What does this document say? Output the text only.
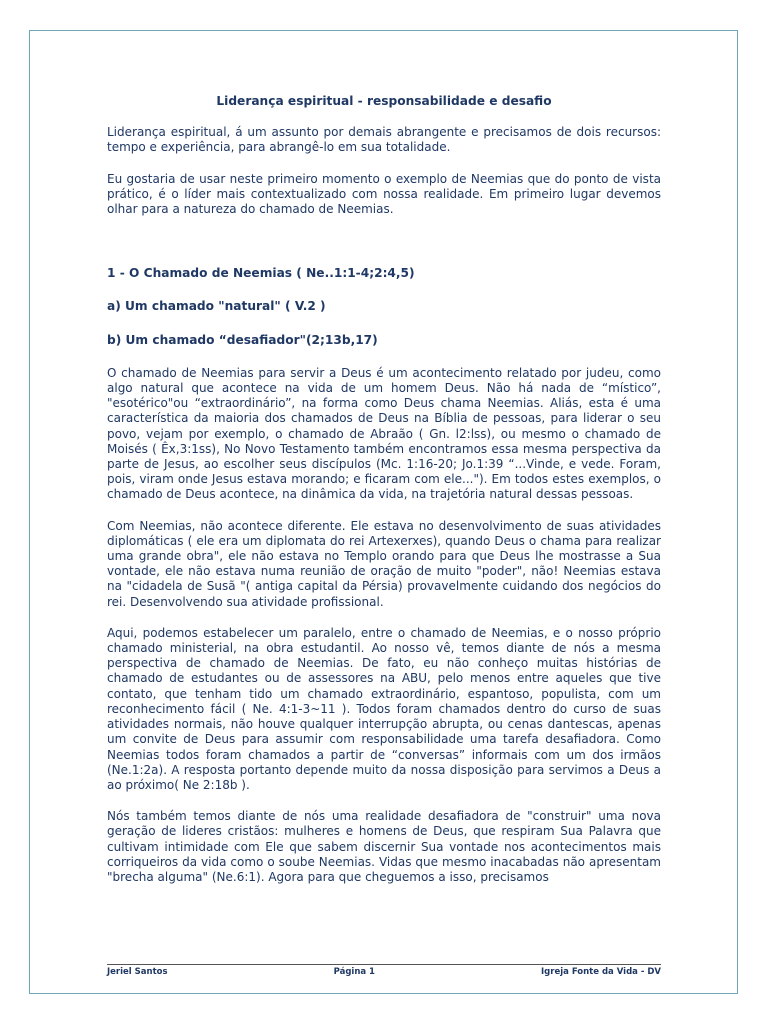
Liderança espiritual - responsabilidade e desafio

Liderança espiritual, á um assunto por demais abrangente e precisamos de dois recursos: tempo e experiência, para abrangê-lo em sua totalidade.

Eu gostaria de usar neste primeiro momento o exemplo de Neemias que do ponto de vista prático, é o líder mais contextualizado com nossa realidade. Em primeiro lugar devemos olhar para a natureza do chamado de Neemias.

1 - O Chamado de Neemias ( Ne..1:1-4;2:4,5)
a) Um chamado "natural" ( V.2 )
b) Um chamado “desafiador"(2;13b,17)

O chamado de Neemias para servir a Deus é um acontecimento relatado por judeu, como algo natural que acontece na vida de um homem Deus. Não há nada de “místico”, "esotérico"ou “extraordinário”, na forma como Deus chama Neemias. Aliás, esta é uma característica da maioria dos chamados de Deus na Bíblia de pessoas, para liderar o seu povo, vejam por exemplo, o chamado de Abraão ( Gn. l2:lss), ou mesmo o chamado de Moisés ( Êx,3:1ss), No Novo Testamento também encontramos essa mesma perspectiva da parte de Jesus, ao escolher seus discípulos (Mc. 1:16-20; Jo.1:39 “...Vinde, e vede. Foram, pois, viram onde Jesus estava morando; e ficaram com ele..."). Em todos estes exemplos, o chamado de Deus acontece, na dinâmica da vida, na trajetória natural dessas pessoas.

Com Neemias, não acontece diferente. Ele estava no desenvolvimento de suas atividades diplomáticas ( ele era um diplomata do rei Artexerxes), quando Deus o chama para realizar uma grande obra", ele não estava no Templo orando para que Deus lhe mostrasse a Sua vontade, ele não estava numa reunião de oração de muito "poder", não! Neemias estava na "cidadela de Susã "( antiga capital da Pérsia) provavelmente cuidando dos negócios do rei. Desenvolvendo sua atividade profissional.

Aqui, podemos estabelecer um paralelo, entre o chamado de Neemias, e o nosso próprio chamado ministerial, na obra estudantil. Ao nosso vê, temos diante de nós a mesma perspectiva de chamado de Neemias. De fato, eu não conheço muitas histórias de chamado de estudantes ou de assessores na ABU, pelo menos entre aqueles que tive contato, que tenham tido um chamado extraordinário, espantoso, populista, com um reconhecimento fácil ( Ne. 4:1-3~11 ). Todos foram chamados dentro do curso de suas atividades normais, não houve qualquer interrupção abrupta, ou cenas dantescas, apenas um convite de Deus para assumir com responsabilidade uma tarefa desafiadora. Como Neemias todos foram chamados a partir de “conversas” informais com um dos irmãos (Ne.1:2a). A resposta portanto depende muito da nossa disposição para servimos a Deus a ao próximo( Ne 2:18b ).

Nós também temos diante de nós uma realidade desafiadora de "construir" uma nova geração de lideres cristãos: mulheres e homens de Deus, que respiram Sua Palavra que cultivam intimidade com Ele que sabem discernir Sua vontade nos acontecimentos mais corriqueiros da vida como o soube Neemias. Vidas que mesmo inacabadas não apresentam "brecha alguma" (Ne.6:1). Agora para que cheguemos a isso, precisamos

Jeriel Santos	Página 1	Igreja Fonte da Vida - DV
